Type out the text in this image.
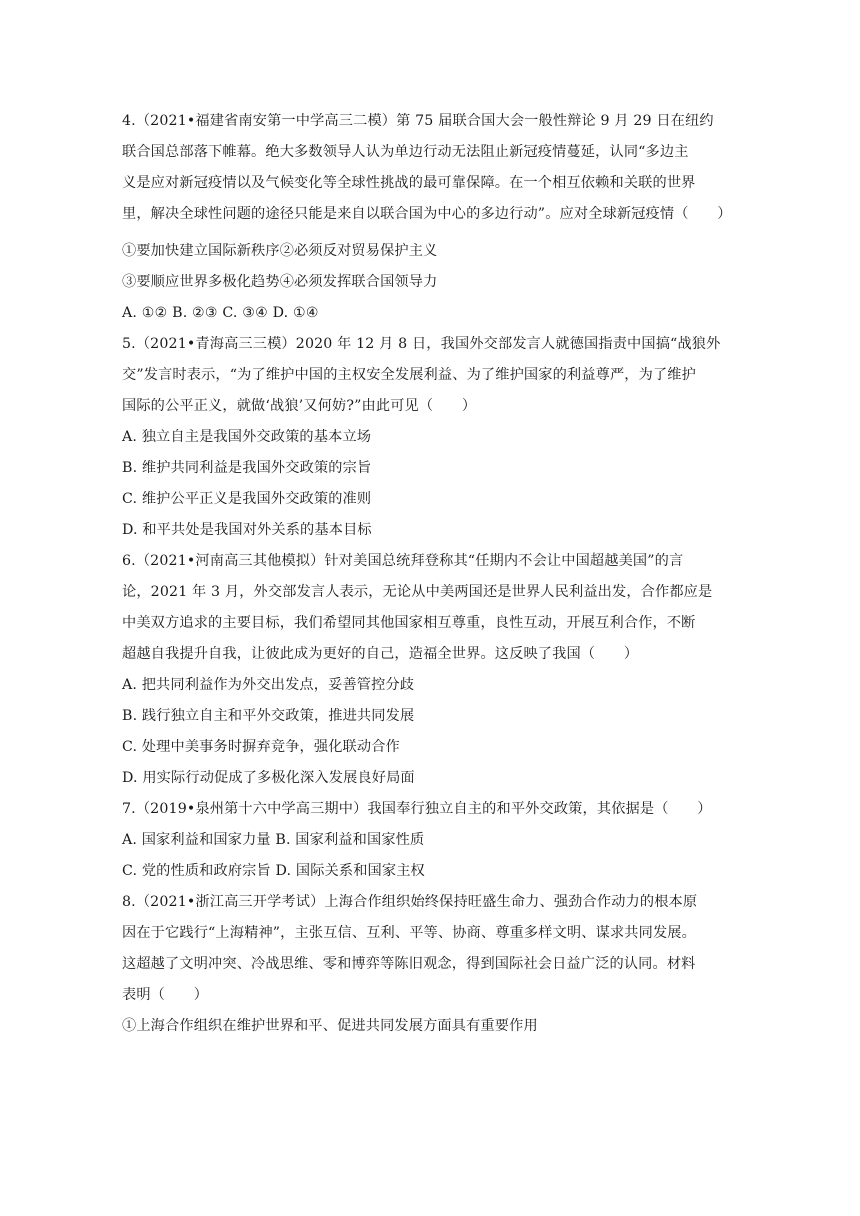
4.（2021•福建省南安第一中学高三二模）第 75 届联合国大会一般性辩论 9 月 29 日在纽约
联合国总部落下帷幕。绝大多数领导人认为单边行动无法阻止新冠疫情蔓延，认同“多边主
义是应对新冠疫情以及气候变化等全球性挑战的最可靠保障。在一个相互依赖和关联的世界
里，解决全球性问题的途径只能是来自以联合国为中心的多边行动”。应对全球新冠疫情（　　）
①要加快建立国际新秩序②必须反对贸易保护主义
③要顺应世界多极化趋势④必须发挥联合国领导力
A. ①② B. ②③ C. ③④ D. ①④
5.（2021•青海高三三模）2020 年 12 月 8 日，我国外交部发言人就德国指责中国搞“战狼外
交”发言时表示，“为了维护中国的主权安全发展利益、为了维护国家的利益尊严，为了维护
国际的公平正义，就做‘战狼’又何妨?”由此可见（　　）
A. 独立自主是我国外交政策的基本立场
B. 维护共同利益是我国外交政策的宗旨
C. 维护公平正义是我国外交政策的准则
D. 和平共处是我国对外关系的基本目标
6.（2021•河南高三其他模拟）针对美国总统拜登称其“任期内不会让中国超越美国”的言
论，2021 年 3 月，外交部发言人表示，无论从中美两国还是世界人民利益出发，合作都应是
中美双方追求的主要目标，我们希望同其他国家相互尊重，良性互动，开展互利合作，不断
超越自我提升自我，让彼此成为更好的自己，造福全世界。这反映了我国（　　）
A. 把共同利益作为外交出发点，妥善管控分歧
B. 践行独立自主和平外交政策，推进共同发展
C. 处理中美事务时摒弃竞争，强化联动合作
D. 用实际行动促成了多极化深入发展良好局面
7.（2019•泉州第十六中学高三期中）我国奉行独立自主的和平外交政策，其依据是（　　）
A. 国家利益和国家力量 B. 国家利益和国家性质
C. 党的性质和政府宗旨 D. 国际关系和国家主权
8.（2021•浙江高三开学考试）上海合作组织始终保持旺盛生命力、强劲合作动力的根本原
因在于它践行“上海精神”，主张互信、互利、平等、协商、尊重多样文明、谋求共同发展。
这超越了文明冲突、冷战思维、零和博弈等陈旧观念，得到国际社会日益广泛的认同。材料
表明（　　）
①上海合作组织在维护世界和平、促进共同发展方面具有重要作用
